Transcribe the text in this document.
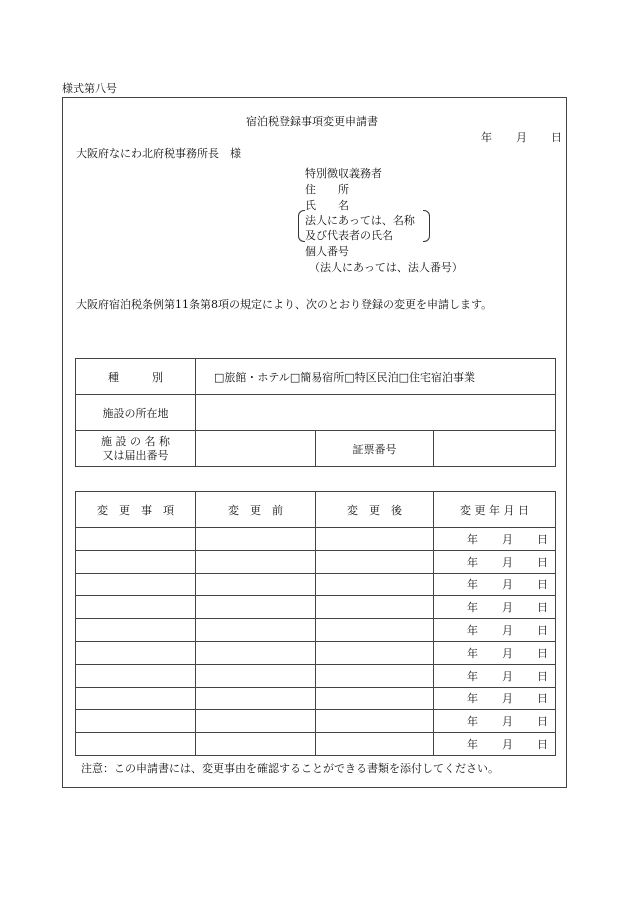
様式第八号
宿泊税登録事項変更申請書
年 月 日
大阪府なにわ北府税事務所長　様
特別徴収義務者
住　　所
氏　　名
法人にあっては、名称
及び代表者の氏名
個人番号
（法人にあっては、法人番号）
大阪府宿泊税条例第11条第8項の規定により、次のとおり登録の変更を申請します。
種　　　別	□旅館・ホテル□簡易宿所□特区民泊□住宅宿泊事業		
施設の所在地			

施 設 の 名 称
又は届出番号		証票番号	
変　更　事　項	変　更　前	変　更　後	変 更 年 月 日

			年 月 日

			年 月 日

			年 月 日

			年 月 日

			年 月 日

			年 月 日

			年 月 日

			年 月 日

			年 月 日

			年 月 日
注意：この申請書には、変更事由を確認することができる書類を添付してください。
